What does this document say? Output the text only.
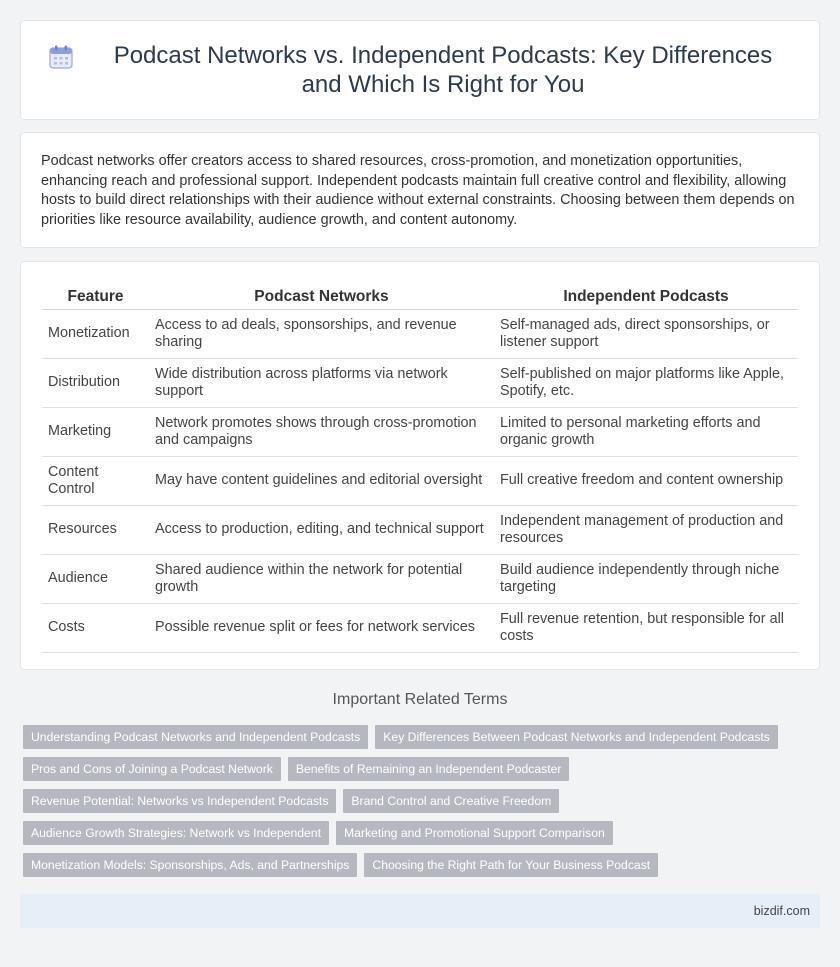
Podcast Networks vs. Independent Podcasts: Key Differences and Which Is Right for You

Podcast networks offer creators access to shared resources, cross-promotion, and monetization opportunities, enhancing reach and professional support. Independent podcasts maintain full creative control and flexibility, allowing hosts to build direct relationships with their audience without external constraints. Choosing between them depends on priorities like resource availability, audience growth, and content autonomy.

Feature	Podcast Networks	Independent Podcasts
Monetization	Access to ad deals, sponsorships, and revenue sharing	Self-managed ads, direct sponsorships, or listener support
Distribution	Wide distribution across platforms via network support	Self-published on major platforms like Apple, Spotify, etc.
Marketing	Network promotes shows through cross-promotion and campaigns	Limited to personal marketing efforts and organic growth
Content Control	May have content guidelines and editorial oversight	Full creative freedom and content ownership
Resources	Access to production, editing, and technical support	Independent management of production and resources
Audience	Shared audience within the network for potential growth	Build audience independently through niche targeting
Costs	Possible revenue split or fees for network services	Full revenue retention, but responsible for all costs
Important Related Terms
Understanding Podcast Networks and Independent Podcasts	Key Differences Between Podcast Networks and Independent Podcasts
Pros and Cons of Joining a Podcast Network	Benefits of Remaining an Independent Podcaster
Revenue Potential: Networks vs Independent Podcasts	Brand Control and Creative Freedom
Audience Growth Strategies: Network vs Independent	Marketing and Promotional Support Comparison
Monetization Models: Sponsorships, Ads, and Partnerships	Choosing the Right Path for Your Business Podcast
bizdif.com
